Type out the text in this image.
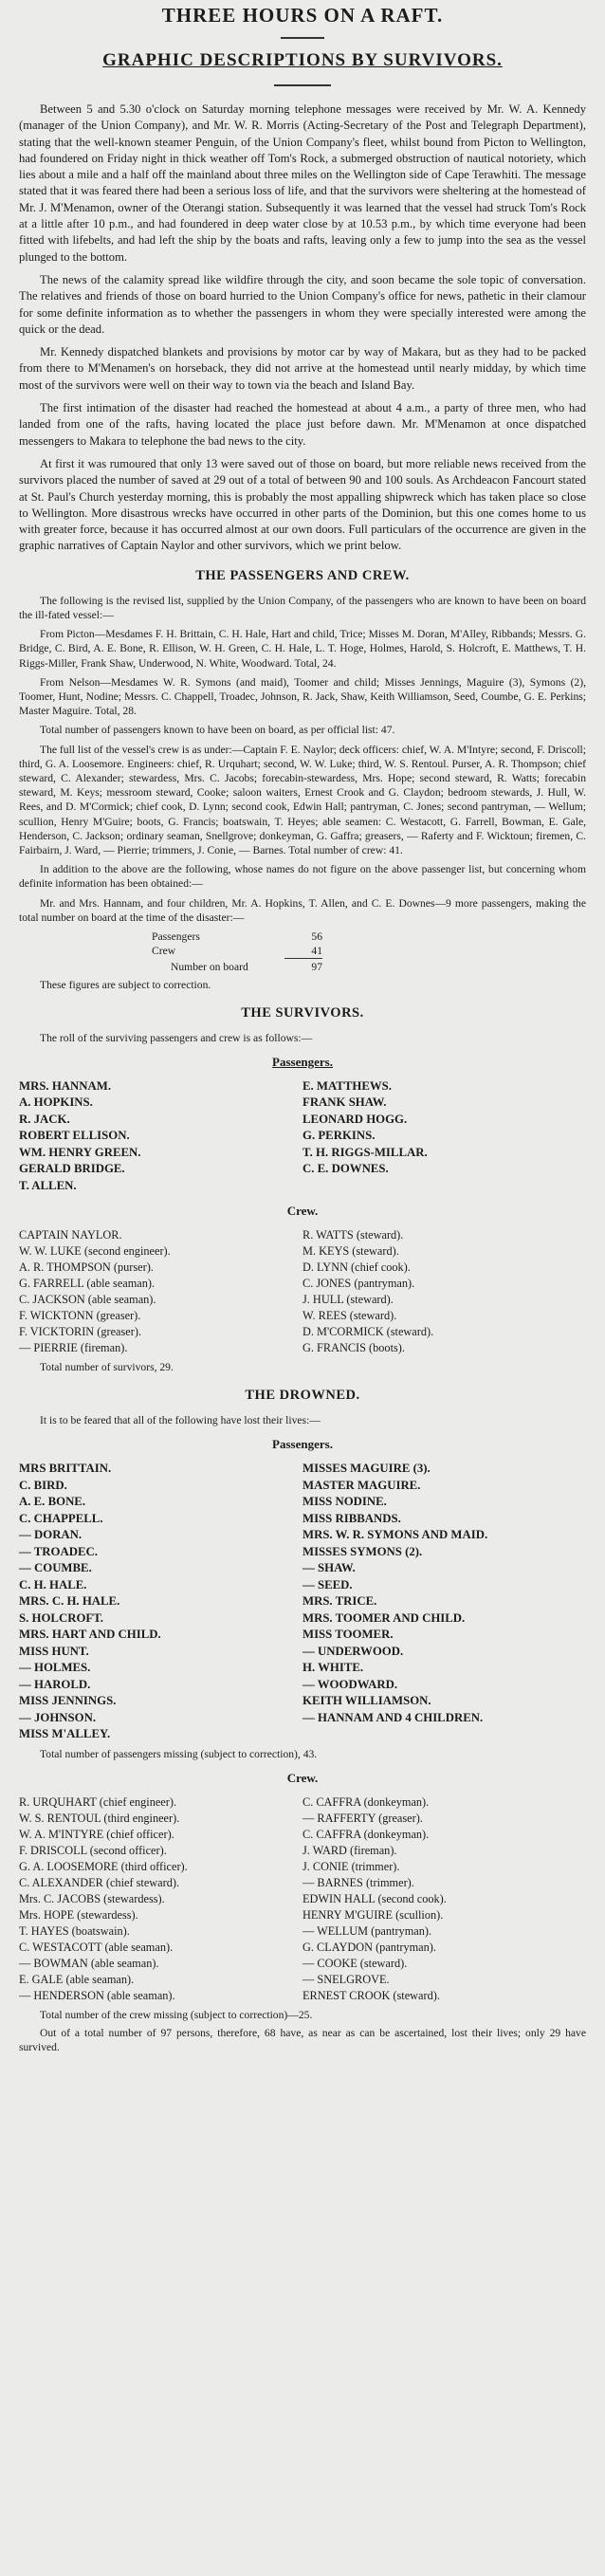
THREE HOURS ON A RAFT.
GRAPHIC DESCRIPTIONS BY SURVIVORS.

Between 5 and 5.30 o'clock on Saturday morning telephone messages were received by Mr. W. A. Kennedy (manager of the Union Company), and Mr. W. R. Morris (Acting-Secretary of the Post and Telegraph Department), stating that the well-known steamer Penguin, of the Union Company's fleet, whilst bound from Picton to Wellington, had foundered on Friday night in thick weather off Tom's Rock, a submerged obstruction of nautical notoriety, which lies about a mile and a half off the mainland about three miles on the Wellington side of Cape Terawhiti. The message stated that it was feared there had been a serious loss of life, and that the survivors were sheltering at the homestead of Mr. J. M'Menamon, owner of the Oterangi station. Subsequently it was learned that the vessel had struck Tom's Rock at a little after 10 p.m., and had foundered in deep water close by at 10.53 p.m., by which time everyone had been fitted with lifebelts, and had left the ship by the boats and rafts, leaving only a few to jump into the sea as the vessel plunged to the bottom.

The news of the calamity spread like wildfire through the city, and soon became the sole topic of conversation. The relatives and friends of those on board hurried to the Union Company's office for news, pathetic in their clamour for some definite information as to whether the passengers in whom they were specially interested were among the quick or the dead.

Mr. Kennedy dispatched blankets and provisions by motor car by way of Makara, but as they had to be packed from there to M'Menamen's on horseback, they did not arrive at the homestead until nearly midday, by which time most of the survivors were well on their way to town via the beach and Island Bay.

The first intimation of the disaster had reached the homestead at about 4 a.m., a party of three men, who had landed from one of the rafts, having located the place just before dawn. Mr. M'Menamon at once dispatched messengers to Makara to telephone the bad news to the city.

At first it was rumoured that only 13 were saved out of those on board, but more reliable news received from the survivors placed the number of saved at 29 out of a total of between 90 and 100 souls. As Archdeacon Fancourt stated at St. Paul's Church yesterday morning, this is probably the most appalling shipwreck which has taken place so close to Wellington. More disastrous wrecks have occurred in other parts of the Dominion, but this one comes home to us with greater force, because it has occurred almost at our own doors. Full particulars of the occurrence are given in the graphic narratives of Captain Naylor and other survivors, which we print below.

THE PASSENGERS AND CREW.

The following is the revised list, supplied by the Union Company, of the passengers who are known to have been on board the ill-fated vessel:—

From Picton—Mesdames F. H. Brittain, C. H. Hale, Hart and child, Trice; Misses M. Doran, M'Alley, Ribbands; Messrs. G. Bridge, C. Bird, A. E. Bone, R. Ellison, W. H. Green, C. H. Hale, L. T. Hoge, Holmes, Harold, S. Holcroft, E. Matthews, T. H. Riggs-Miller, Frank Shaw, Underwood, N. White, Woodward. Total, 24.

From Nelson—Mesdames W. R. Symons (and maid), Toomer and child; Misses Jennings, Maguire (3), Symons (2), Toomer, Hunt, Nodine; Messrs. C. Chappell, Troadec, Johnson, R. Jack, Shaw, Keith Williamson, Seed, Coumbe, G. E. Perkins; Master Maguire. Total, 28.

Total number of passengers known to have been on board, as per official list: 47.

The full list of the vessel's crew is as under:—Captain F. E. Naylor; deck officers: chief, W. A. M'Intyre; second, F. Driscoll; third, G. A. Loosemore. Engineers: chief, R. Urquhart; second, W. W. Luke; third, W. S. Rentoul. Purser, A. R. Thompson; chief steward, C. Alexander; stewardess, Mrs. C. Jacobs; forecabin-stewardess, Mrs. Hope; second steward, R. Watts; forecabin steward, M. Keys; messroom steward, Cooke; saloon waiters, Ernest Crook and G. Claydon; bedroom stewards, J. Hull, W. Rees, and D. M'Cormick; chief cook, D. Lynn; second cook, Edwin Hall; pantryman, C. Jones; second pantryman, — Wellum; scullion, Henry M'Guire; boots, G. Francis; boatswain, T. Heyes; able seamen: C. Westacott, G. Farrell, Bowman, E. Gale, Henderson, C. Jackson; ordinary seaman, Snellgrove; donkeyman, G. Gaffra; greasers, — Raferty and F. Wicktoun; firemen, C. Fairbairn, J. Ward, — Pierrie; trimmers, J. Conie, — Barnes. Total number of crew: 41.

In addition to the above are the following, whose names do not figure on the above passenger list, but concerning whom definite information has been obtained:—

Mr. and Mrs. Hannam, and four children, Mr. A. Hopkins, T. Allen, and C. E. Downes—9 more passengers, making the total number on board at the time of the disaster:—

Passengers	56
Crew	41
Number on board	97
These figures are subject to correction.
THE SURVIVORS.
The roll of the surviving passengers and crew is as follows:—
Passengers.
MRS. HANNAM.
A. HOPKINS.
R. JACK.
ROBERT ELLISON.
WM. HENRY GREEN.
GERALD BRIDGE.
T. ALLEN.
E. MATTHEWS.
FRANK SHAW.
LEONARD HOGG.
G. PERKINS.
T. H. RIGGS-MILLAR.
C. E. DOWNES.
Crew.
CAPTAIN NAYLOR.
W. W. LUKE (second engineer).
A. R. THOMPSON (purser).
G. FARRELL (able seaman).
C. JACKSON (able seaman).
F. WICKTONN (greaser).
F. VICKTORIN (greaser).
— PIERRIE (fireman).
R. WATTS (steward).
M. KEYS (steward).
D. LYNN (chief cook).
C. JONES (pantryman).
J. HULL (steward).
W. REES (steward).
D. M'CORMICK (steward).
G. FRANCIS (boots).
Total number of survivors, 29.
THE DROWNED.
It is to be feared that all of the following have lost their lives:—
Passengers.
MRS BRITTAIN.
C. BIRD.
A. E. BONE.
C. CHAPPELL.
— DORAN.
— TROADEC.
— COUMBE.
C. H. HALE.
MRS. C. H. HALE.
S. HOLCROFT.
MRS. HART AND CHILD.
MISS HUNT.
— HOLMES.
— HAROLD.
MISS JENNINGS.
— JOHNSON.
MISS M'ALLEY.
MISSES MAGUIRE (3).
MASTER MAGUIRE.
MISS NODINE.
MISS RIBBANDS.
MRS. W. R. SYMONS AND MAID.
MISSES SYMONS (2).
— SHAW.
— SEED.
MRS. TRICE.
MRS. TOOMER AND CHILD.
MISS TOOMER.
— UNDERWOOD.
H. WHITE.
— WOODWARD.
KEITH WILLIAMSON.
— HANNAM AND 4 CHILDREN.
Total number of passengers missing (subject to correction), 43.
Crew.
R. URQUHART (chief engineer).
W. S. RENTOUL (third engineer).
W. A. M'INTYRE (chief officer).
F. DRISCOLL (second officer).
G. A. LOOSEMORE (third officer).
C. ALEXANDER (chief steward).
Mrs. C. JACOBS (stewardess).
Mrs. HOPE (stewardess).
T. HAYES (boatswain).
C. WESTACOTT (able seaman).
— BOWMAN (able seaman).
E. GALE (able seaman).
— HENDERSON (able seaman).
C. CAFFRA (donkeyman).
— RAFFERTY (greaser).
C. CAFFRA (donkeyman).
J. WARD (fireman).
J. CONIE (trimmer).
— BARNES (trimmer).
EDWIN HALL (second cook).
HENRY M'GUIRE (scullion).
— WELLUM (pantryman).
G. CLAYDON (pantryman).
— COOKE (steward).
— SNELGROVE.
ERNEST CROOK (steward).
Total number of the crew missing (subject to correction)—25.

Out of a total number of 97 persons, therefore, 68 have, as near as can be ascertained, lost their lives; only 29 have survived.
